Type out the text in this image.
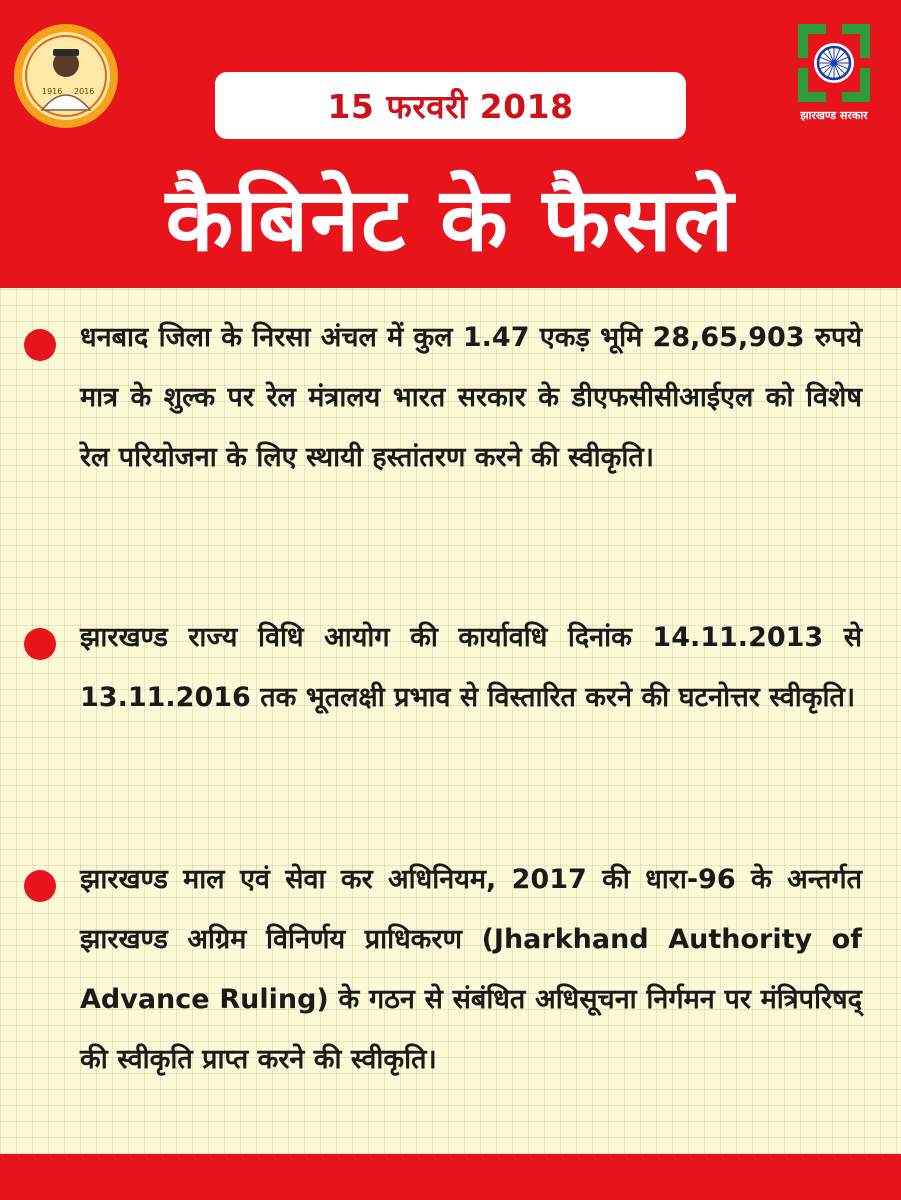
1916 2016
झारखण्ड सरकार
15 फरवरी 2018
कैबिनेट के फैसले
धनबाद जिला के निरसा अंचल में कुल 1.47 एकड़ भूमि 28,65,903 रुपये मात्र के शुल्क पर रेल मंत्रालय भारत सरकार के डीएफसीसीआईएल को विशेष रेल परियोजना के लिए स्थायी हस्तांतरण करने की स्वीकृति।
झारखण्ड राज्य विधि आयोग की कार्यावधि दिनांक 14.11.2013 से 13.11.2016 तक भूतलक्षी प्रभाव से विस्तारित करने की घटनोत्तर स्वीकृति।
झारखण्ड माल एवं सेवा कर अधिनियम, 2017 की धारा-96 के अन्तर्गत झारखण्ड अग्रिम विनिर्णय प्राधिकरण (Jharkhand Authority of Advance Ruling) के गठन से संबंधित अधिसूचना निर्गमन पर मंत्रिपरिषद् की स्वीकृति प्राप्त करने की स्वीकृति।
